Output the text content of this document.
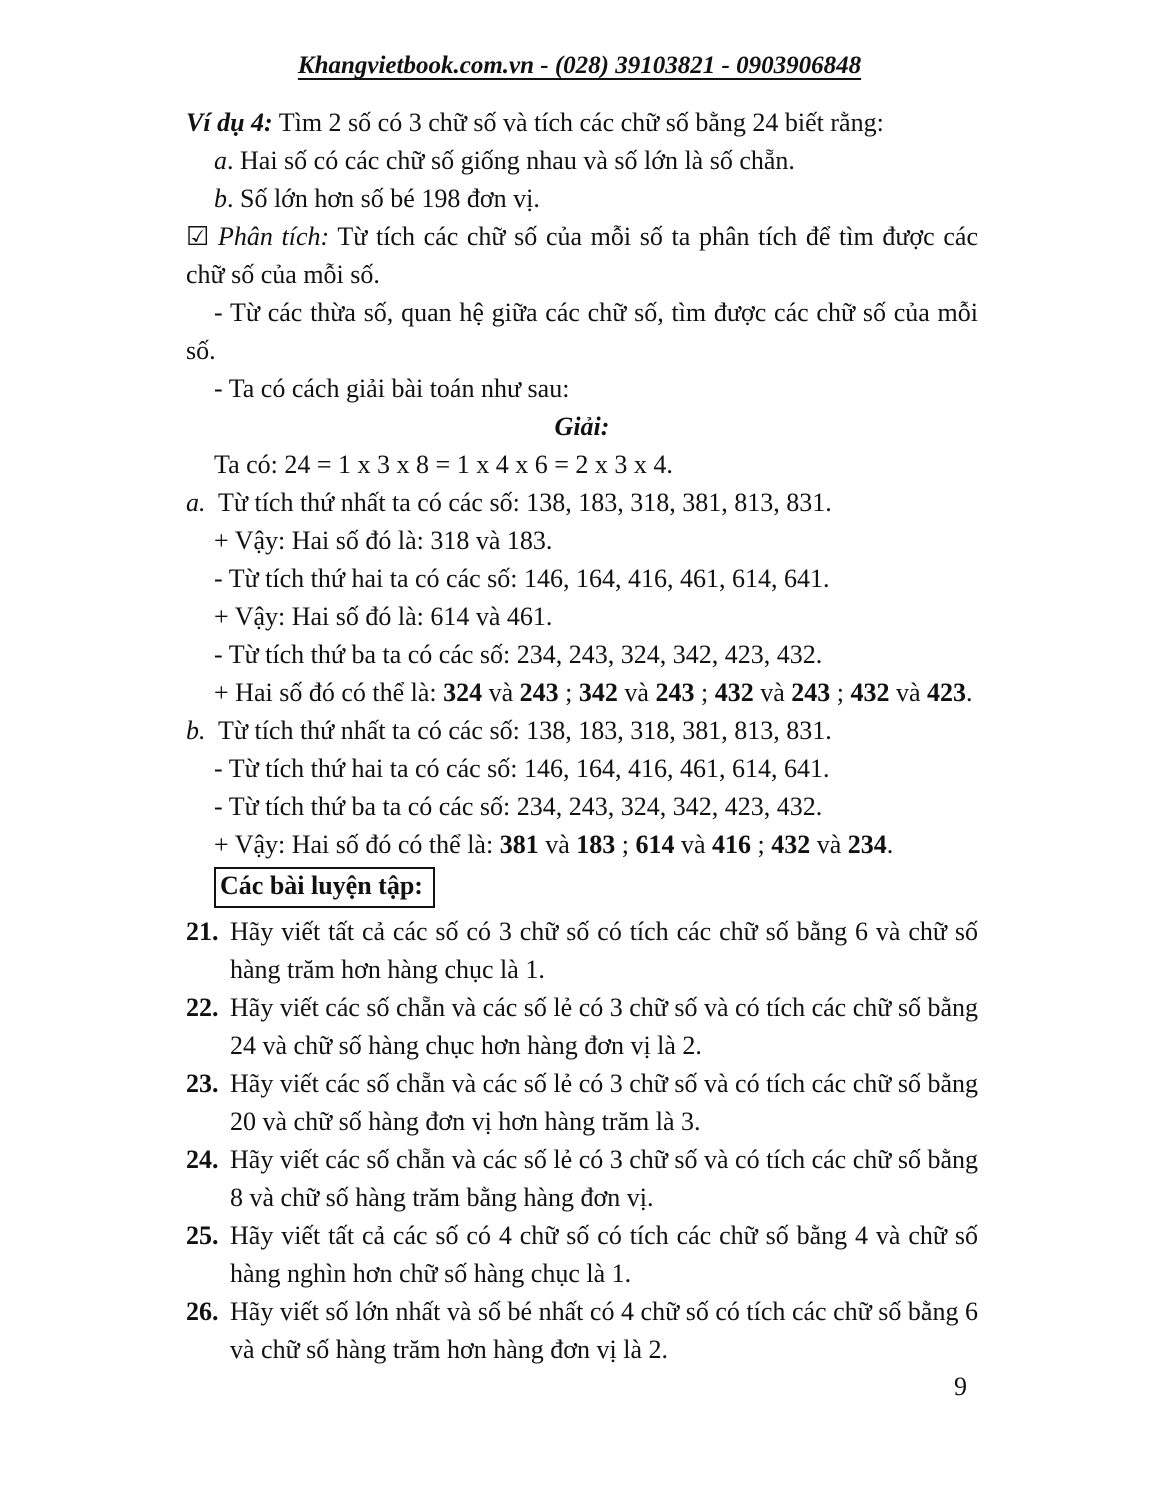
Khangvietbook.com.vn - (028) 39103821 - 0903906848

Ví dụ 4: Tìm 2 số có 3 chữ số và tích các chữ số bằng 24 biết rằng:

a. Hai số có các chữ số giống nhau và số lớn là số chẵn.

b. Số lớn hơn số bé 198 đơn vị.

☑ Phân tích: Từ tích các chữ số của mỗi số ta phân tích để tìm được các chữ số của mỗi số.

- Từ các thừa số, quan hệ giữa các chữ số, tìm được các chữ số của mỗi số.

- Ta có cách giải bài toán như sau:

Giải:

Ta có: 24 = 1 x 3 x 8 = 1 x 4 x 6 = 2 x 3 x 4.

a. Từ tích thứ nhất ta có các số: 138, 183, 318, 381, 813, 831.

+ Vậy: Hai số đó là: 318 và 183.

- Từ tích thứ hai ta có các số: 146, 164, 416, 461, 614, 641.

+ Vậy: Hai số đó là: 614 và 461.

- Từ tích thứ ba ta có các số: 234, 243, 324, 342, 423, 432.

+ Hai số đó có thể là: 324 và 243 ; 342 và 243 ; 432 và 243 ; 432 và 423.

b. Từ tích thứ nhất ta có các số: 138, 183, 318, 381, 813, 831.

- Từ tích thứ hai ta có các số: 146, 164, 416, 461, 614, 641.

- Từ tích thứ ba ta có các số: 234, 243, 324, 342, 423, 432.

+ Vậy: Hai số đó có thể là: 381 và 183 ; 614 và 416 ; 432 và 234.

Các bài luyện tập:

21. Hãy viết tất cả các số có 3 chữ số có tích các chữ số bằng 6 và chữ số hàng trăm hơn hàng chục là 1.

22. Hãy viết các số chẵn và các số lẻ có 3 chữ số và có tích các chữ số bằng 24 và chữ số hàng chục hơn hàng đơn vị là 2.

23. Hãy viết các số chẵn và các số lẻ có 3 chữ số và có tích các chữ số bằng 20 và chữ số hàng đơn vị hơn hàng trăm là 3.

24. Hãy viết các số chẵn và các số lẻ có 3 chữ số và có tích các chữ số bằng 8 và chữ số hàng trăm bằng hàng đơn vị.

25. Hãy viết tất cả các số có 4 chữ số có tích các chữ số bằng 4 và chữ số hàng nghìn hơn chữ số hàng chục là 1.

26. Hãy viết số lớn nhất và số bé nhất có 4 chữ số có tích các chữ số bằng 6 và chữ số hàng trăm hơn hàng đơn vị là 2.

9
